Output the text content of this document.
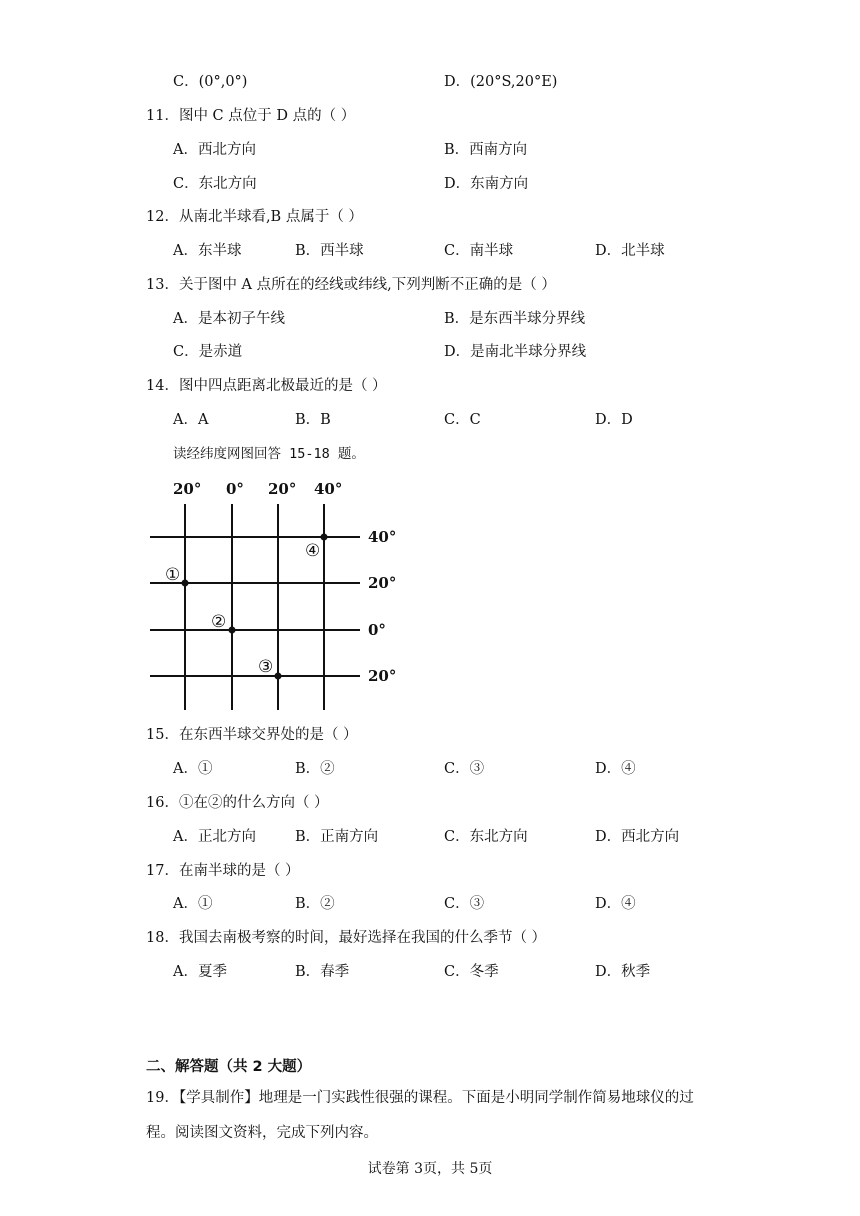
C．(0°,0°)	D．(20°S,20°E)
11．图中 C 点位于 D 点的（ ）
A．西北方向	B．西南方向
C．东北方向	D．东南方向
12．从南北半球看,B 点属于（ ）
A．东半球	B．西半球	C．南半球	D．北半球
13．关于图中 A 点所在的经线或纬线,下列判断不正确的是（ ）
A．是本初子午线	B．是东西半球分界线
C．是赤道	D．是南北半球分界线
14．图中四点距离北极最近的是（ ）
A．A	B．B	C．C	D．D
读经纬度网图回答 15-18 题。
20° 0° 20° 40°
40°
20°
0°
20°
①
②
③
④
15．在东西半球交界处的是（ ）
A．①	B．②	C．③	D．④
16．①在②的什么方向（ ）
A．正北方向	B．正南方向	C．东北方向	D．西北方向
17．在南半球的是（ ）
A．①	B．②	C．③	D．④
18．我国去南极考察的时间，最好选择在我国的什么季节（ ）
A．夏季	B．春季	C．冬季	D．秋季
二、解答题（共 2 大题）
19．【学具制作】地理是一门实践性很强的课程。下面是小明同学制作简易地球仪的过
程。阅读图文资料，完成下列内容。
试卷第 3页，共 5页
